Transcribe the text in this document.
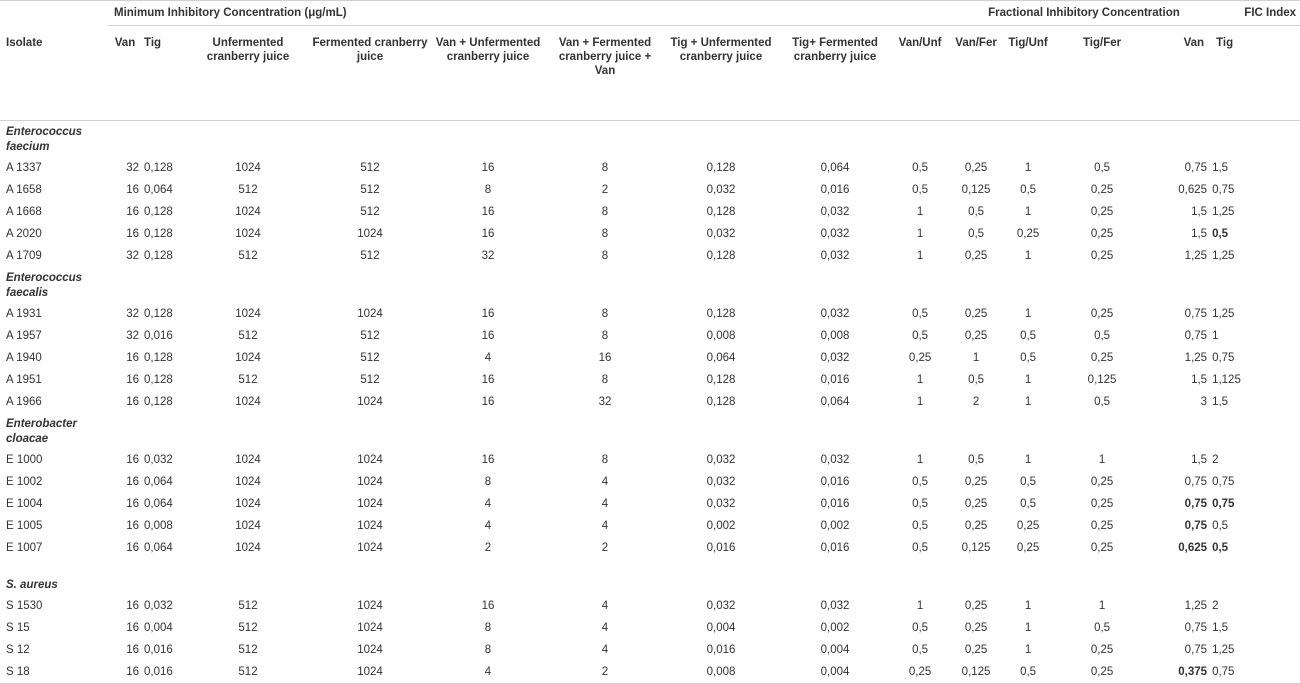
	Minimum Inhibitory Concentration (μg/mL)									Fractional Inhibitory Concentration				FIC Index
Isolate	Van	Tig	Unfermented cranberry juice	Fermented cranberry juice	Van + Unfermented cranberry juice	Van + Fermented cranberry juice + Van	Tig + Unfermented cranberry juice	Tig+ Fermented cranberry juice	Van/Unf	Van/Fer	Tig/Unf	Tig/Fer	Van	Tig
Enterococcus faecium														
A 1337	32	0,128	1024	512	16	8	0,128	0,064	0,5	0,25	1	0,5	0,75	1,5
A 1658	16	0,064	512	512	8	2	0,032	0,016	0,5	0,125	0,5	0,25	0,625	0,75
A 1668	16	0,128	1024	512	16	8	0,128	0,032	1	0,5	1	0,25	1,5	1,25
A 2020	16	0,128	1024	1024	16	8	0,032	0,032	1	0,5	0,25	0,25	1,5	0,5
A 1709	32	0,128	512	512	32	8	0,128	0,032	1	0,25	1	0,25	1,25	1,25
Enterococcus faecalis														
A 1931	32	0,128	1024	1024	16	8	0,128	0,032	0,5	0,25	1	0,25	0,75	1,25
A 1957	32	0,016	512	512	16	8	0,008	0,008	0,5	0,25	0,5	0,5	0,75	1
A 1940	16	0,128	1024	512	4	16	0,064	0,032	0,25	1	0,5	0,25	1,25	0,75
A 1951	16	0,128	512	512	16	8	0,128	0,016	1	0,5	1	0,125	1,5	1,125
A 1966	16	0,128	1024	1024	16	32	0,128	0,064	1	2	1	0,5	3	1,5
Enterobacter cloacae														
E 1000	16	0,032	1024	1024	16	8	0,032	0,032	1	0,5	1	1	1,5	2
E 1002	16	0,064	1024	1024	8	4	0,032	0,016	0,5	0,25	0,5	0,25	0,75	0,75
E 1004	16	0,064	1024	1024	4	4	0,032	0,016	0,5	0,25	0,5	0,25	0,75	0,75
E 1005	16	0,008	1024	1024	4	4	0,002	0,002	0,5	0,25	0,25	0,25	0,75	0,5
E 1007	16	0,064	1024	1024	2	2	0,016	0,016	0,5	0,125	0,25	0,25	0,625	0,5
S. aureus														
S 1530	16	0,032	512	1024	16	4	0,032	0,032	1	0,25	1	1	1,25	2
S 15	16	0,004	512	1024	8	4	0,004	0,002	0,5	0,25	1	0,5	0,75	1,5
S 12	16	0,016	512	1024	8	4	0,016	0,004	0,5	0,25	1	0,25	0,75	1,25
S 18	16	0,016	512	1024	4	2	0,008	0,004	0,25	0,125	0,5	0,25	0,375	0,75
